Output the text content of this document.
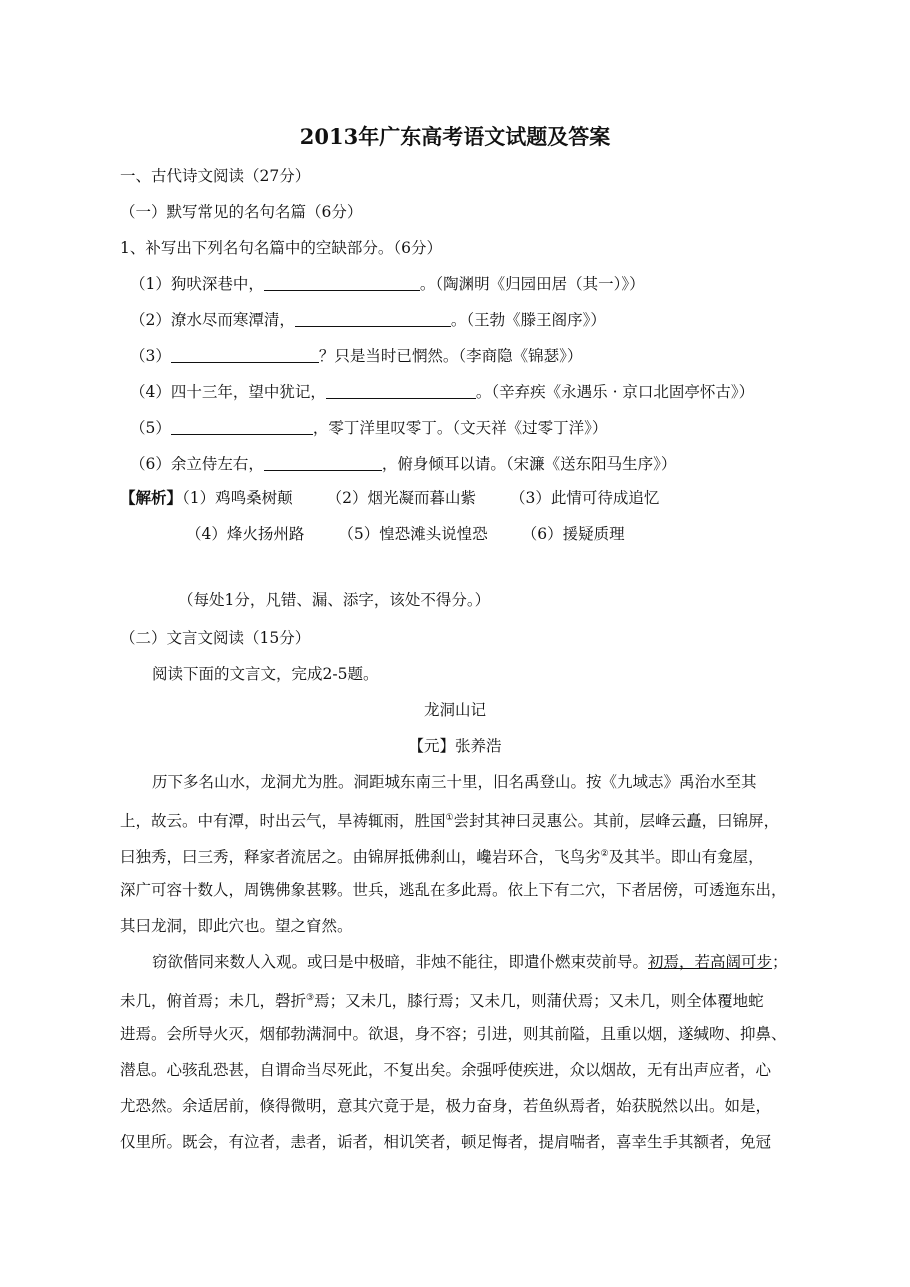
2013年广东高考语文试题及答案
一、古代诗文阅读（27分）
（一）默写常见的名句名篇（6分）
1、补写出下列名句名篇中的空缺部分。（6分）
（1）狗吠深巷中，	。（陶渊明《归园田居（其一）》）
（2）潦水尽而寒潭清，	。（王勃《滕王阁序》）
（3）	？只是当时已惘然。（李商隐《锦瑟》）
（4）四十三年，望中犹记，	。（辛弃疾《永遇乐 · 京口北固亭怀古》）
（5）	，零丁洋里叹零丁。（文天祥《过零丁洋》）
（6）余立侍左右，	，俯身倾耳以请。（宋濂《送东阳马生序》）
【解析】（1）鸡鸣桑树颠 （2）烟光凝而暮山紫 （3）此情可待成追忆
（4）烽火扬州路 （5）惶恐滩头说惶恐 （6）援疑质理
（每处1分，凡错、漏、添字，该处不得分。）
（二）文言文阅读（15分）
阅读下面的文言文，完成2-5题。
龙洞山记
【元】张养浩
历下多名山水，龙洞尤为胜。洞距城东南三十里，旧名禹登山。按《九域志》禹治水至其
上，故云。中有潭，时出云气，旱祷辄雨，胜国①尝封其神曰灵惠公。其前，层峰云矗，曰锦屏，
曰独秀，曰三秀，释家者流居之。由锦屏抵佛刹山，巉岩环合，飞鸟劣②及其半。即山有龛屋，
深广可容十数人，周镌佛象甚夥。世兵，逃乱在多此焉。依上下有二穴，下者居傍，可透迤东出，
其曰龙洞，即此穴也。望之窅然。
窃欲偕同来数人入观。或曰是中极暗，非烛不能往，即遣仆燃束荧前导。初焉，若高阔可步；
未几，俯首焉；未几，磬折③焉；又未几，膝行焉；又未几，则蒲伏焉；又未几，则全体覆地蛇
进焉。会所导火灭，烟郁勃满洞中。欲退，身不容；引进，则其前隘，且重以烟，遂缄吻、抑鼻、
潜息。心骇乱恐甚，自谓命当尽死此，不复出矣。余强呼使疾进，众以烟故，无有出声应者，心
尤恐然。余适居前，倏得微明，意其穴竟于是，极力奋身，若鱼纵焉者，始获脱然以出。如是，
仅里所。既会，有泣者，恚者，诟者，相讥笑者，顿足悔者，提肩喘者，喜幸生手其额者，免冠
